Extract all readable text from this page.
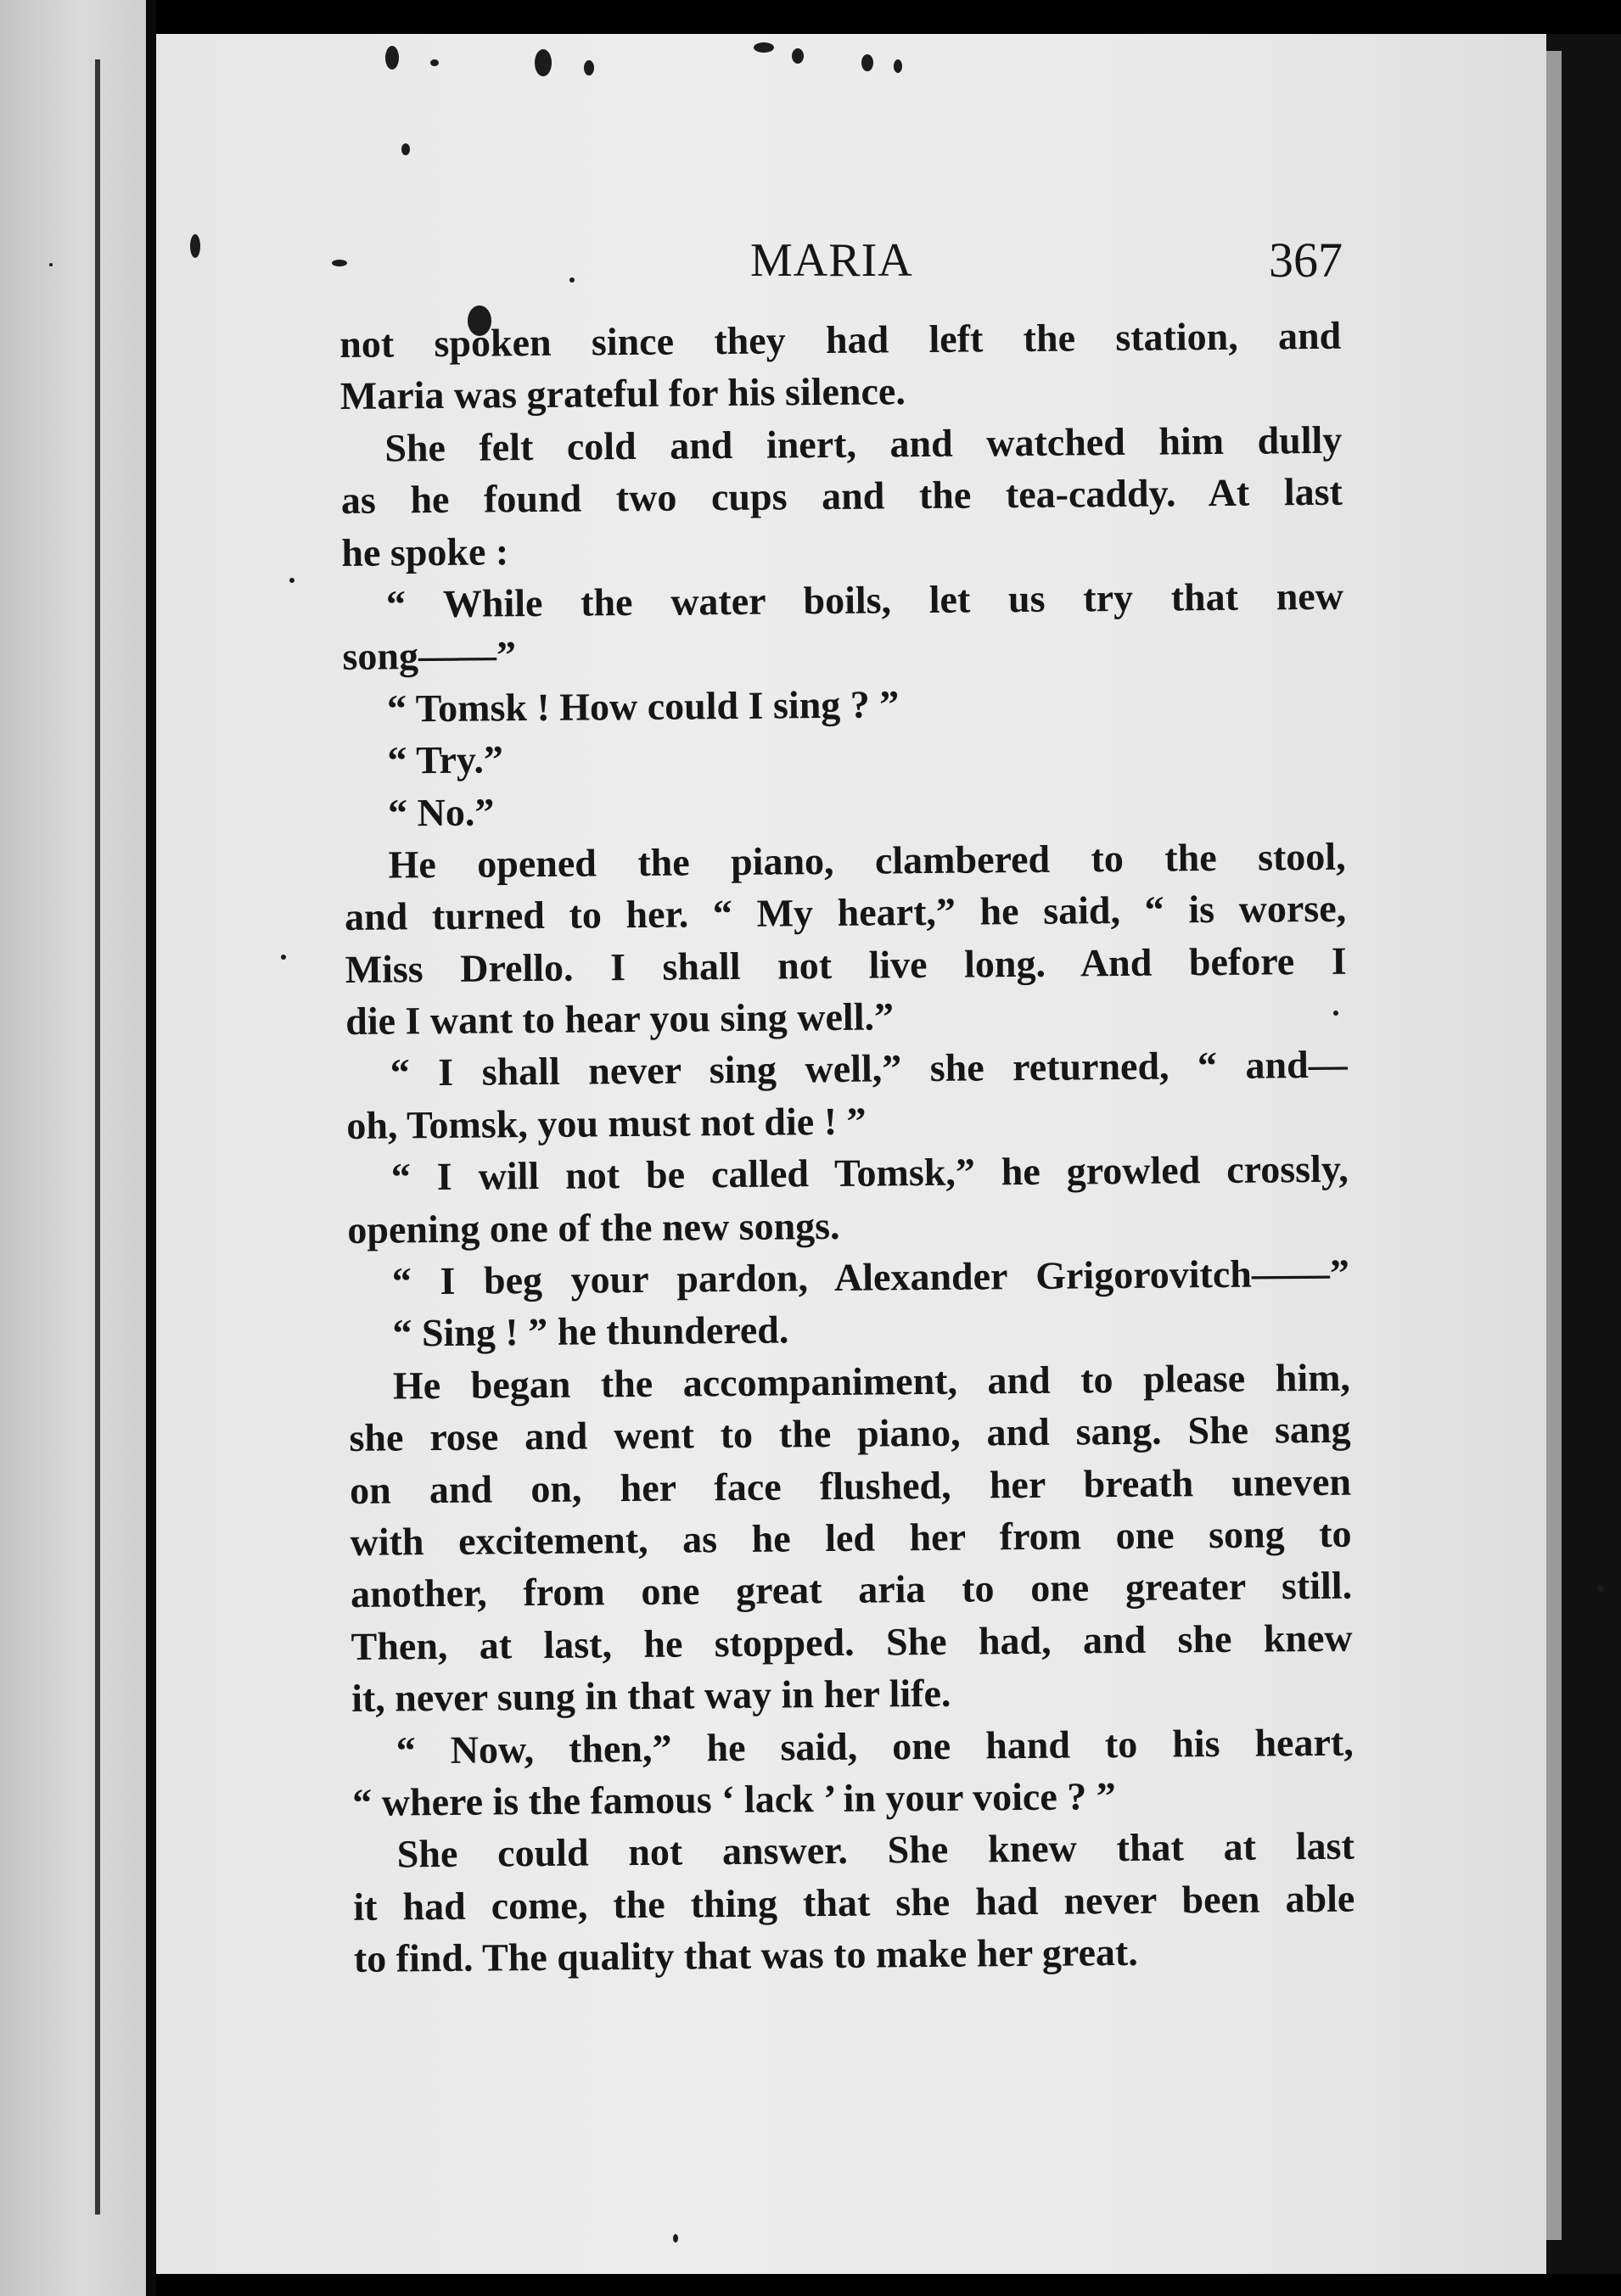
MARIA	367
not spoken since they had left the station, and
Maria was grateful for his silence.
She felt cold and inert, and watched him dully
as he found two cups and the tea-caddy. At last
he spoke :
“ While the water boils, let us try that new
song——”
“ Tomsk ! How could I sing ? ”
“ Try.”
“ No.”
He opened the piano, clambered to the stool,
and turned to her. “ My heart,” he said, “ is worse,
Miss Drello. I shall not live long. And before I
die I want to hear you sing well.”
“ I shall never sing well,” she returned, “ and—
oh, Tomsk, you must not die ! ”
“ I will not be called Tomsk,” he growled crossly,
opening one of the new songs.
“ I beg your pardon, Alexander Grigorovitch——”
“ Sing ! ” he thundered.
He began the accompaniment, and to please him,
she rose and went to the piano, and sang. She sang
on and on, her face flushed, her breath uneven
with excitement, as he led her from one song to
another, from one great aria to one greater still.
Then, at last, he stopped. She had, and she knew
it, never sung in that way in her life.
“ Now, then,” he said, one hand to his heart,
“ where is the famous ‘ lack ’ in your voice ? ”
She could not answer. She knew that at last
it had come, the thing that she had never been able
to find. The quality that was to make her great.
